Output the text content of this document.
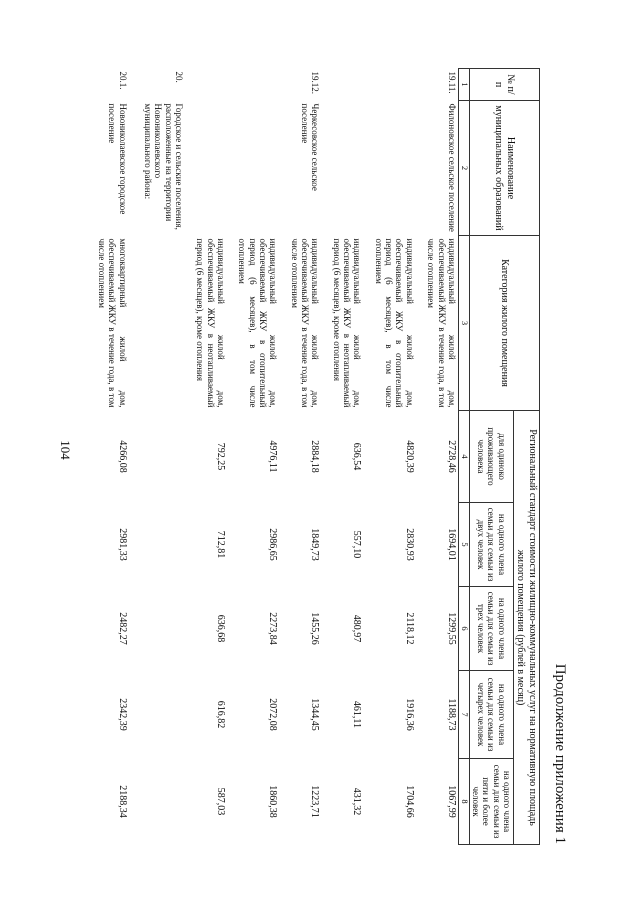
104
Продолжение приложения 1
№ п/п	Наименование муниципальных образований	Категория жилого помещения	Региональный стандарт стоимости жилищно-коммунальных услуг на нормативную площадь жилого помещения (рублей в месяц)				
			для одиноко проживающего человека	на одного члена семьи для семьи из двух человек	на одного члена семьи для семьи из трех человек	на одного члена семьи для семьи из четырех человек	на одного члена семьи для семьи из пяти и более человек
1	2	3	4	5	6	7	8
19.11.	Филоновское сельское поселение	индивидуальный жилой дом, обеспечиваемый ЖКУ в течение года, в том числе отоплением	2728,46	1694,01	1299,55	1188,73	1067,99
		индивидуальный жилой дом, обеспечиваемый ЖКУ в отопительный период (6 месяцев), в том числе отоплением	4820,39	2830,93	2118,12	1916,36	1704,66
		индивидуальный жилой дом, обеспечиваемый ЖКУ в неотапливаемый период (6 месяцев), кроме отопления	636,54	557,10	480,97	461,11	431,32
19.12.	Черкесовское сельское поселение	индивидуальный жилой дом, обеспечиваемый ЖКУ в течение года, в том числе отоплением	2884,18	1849,73	1455,26	1344,45	1223,71
		индивидуальный жилой дом, обеспечиваемый ЖКУ в отопительный период (6 месяцев), в том числе отоплением	4976,11	2986,65	2273,84	2072,08	1860,38
		индивидуальный жилой дом, обеспечиваемый ЖКУ в неотапливаемый период (6 месяцев), кроме отопления	792,25	712,81	636,68	616,82	587,03
20.	Городское и сельские поселения, расположенные на территории Новониколаевского муниципального района:						
20.1.	Новониколаевское городское поселение	многоквартирный жилой дом, обеспечиваемый ЖКУ в течение года, в том числе отоплением	4266,08	2981,33	2482,27	2342,39	2188,34
